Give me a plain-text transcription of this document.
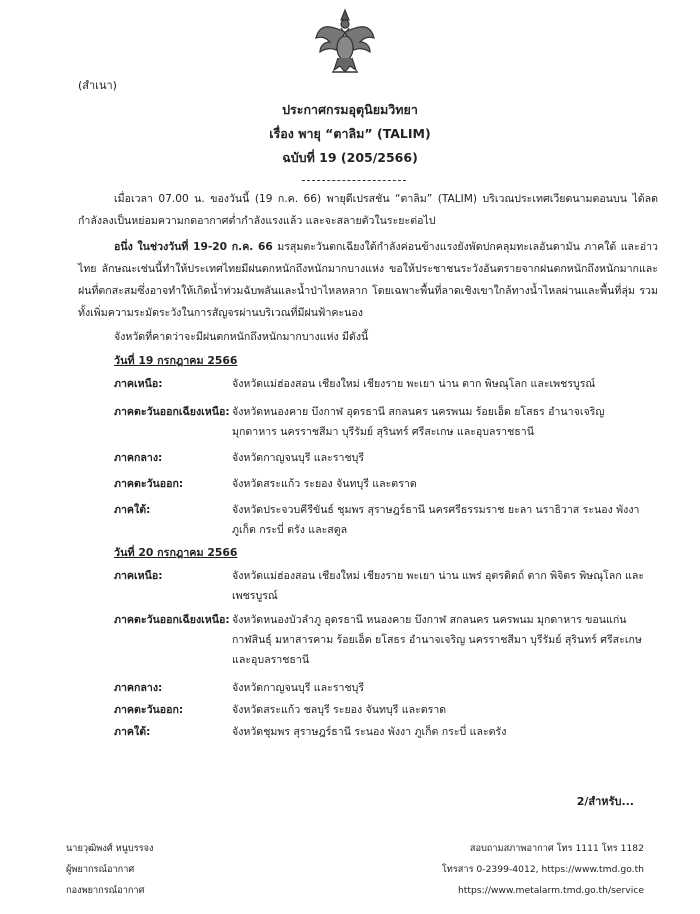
(สำเนา)
ประกาศกรมอุตุนิยมวิทยา
เรื่อง พายุ “ตาลิม” (TALIM)
ฉบับที่ 19 (205/2566)
เมื่อเวลา 07.00 น. ของวันนี้ (19 ก.ค. 66) พายุดีเปรสชัน “ตาลิม” (TALIM) บริเวณประเทศเวียดนามตอนบน ได้ลดกำลังลงเป็นหย่อมความกดอากาศต่ำกำลังแรงแล้ว และจะสลายตัวในระยะต่อไป
อนึ่ง ในช่วงวันที่ 19-20 ก.ค. 66 มรสุมตะวันตกเฉียงใต้กำลังค่อนข้างแรงยังพัดปกคลุมทะเลอันดามัน ภาคใต้ และอ่าวไทย ลักษณะเช่นนี้ทำให้ประเทศไทยมีฝนตกหนักถึงหนักมากบางแห่ง ขอให้ประชาชนระวังอันตรายจากฝนตกหนักถึงหนักมากและฝนที่ตกสะสมซึ่งอาจทำให้เกิดน้ำท่วมฉับพลันและน้ำป่าไหลหลาก โดยเฉพาะพื้นที่ลาดเชิงเขาใกล้ทางน้ำไหลผ่านและพื้นที่ลุ่ม รวมทั้งเพิ่มความระมัดระวังในการสัญจรผ่านบริเวณที่มีฝนฟ้าคะนอง
จังหวัดที่คาดว่าจะมีฝนตกหนักถึงหนักมากบางแห่ง มีดังนี้
วันที่ 19 กรกฎาคม 2566
ภาคเหนือ:	จังหวัดแม่ฮ่องสอน เชียงใหม่ เชียงราย พะเยา น่าน ตาก พิษณุโลก และเพชรบูรณ์
ภาคตะวันออกเฉียงเหนือ: จังหวัดหนองคาย บึงกาฬ อุดรธานี สกลนคร นครพนม ร้อยเอ็ด ยโสธร อำนาจเจริญ มุกดาหาร นครราชสีมา บุรีรัมย์ สุรินทร์ ศรีสะเกษ และอุบลราชธานี
ภาคกลาง:	จังหวัดกาญจนบุรี และราชบุรี
ภาคตะวันออก:	จังหวัดสระแก้ว ระยอง จันทบุรี และตราด
ภาคใต้:	จังหวัดประจวบคีรีขันธ์ ชุมพร สุราษฎร์ธานี นครศรีธรรมราช ยะลา นราธิวาส ระนอง พังงา ภูเก็ต กระบี่ ตรัง และสตูล
วันที่ 20 กรกฎาคม 2566
ภาคเหนือ:	จังหวัดแม่ฮ่องสอน เชียงใหม่ เชียงราย พะเยา น่าน แพร่ อุตรดิตถ์ ตาก พิจิตร พิษณุโลก และเพชรบูรณ์
ภาคตะวันออกเฉียงเหนือ: จังหวัดหนองบัวลำภู อุดรธานี หนองคาย บึงกาฬ สกลนคร นครพนม มุกดาหาร ขอนแก่น กาฬสินธุ์ มหาสารคาม ร้อยเอ็ด ยโสธร อำนาจเจริญ นครราชสีมา บุรีรัมย์ สุรินทร์ ศรีสะเกษ และอุบลราชธานี
ภาคกลาง:	จังหวัดกาญจนบุรี และราชบุรี
ภาคตะวันออก:	จังหวัดสระแก้ว ชลบุรี ระยอง จันทบุรี และตราด
ภาคใต้:	จังหวัดชุมพร สุราษฎร์ธานี ระนอง พังงา ภูเก็ต กระบี่ และตรัง
2/สำหรับ...
นายวุฒิพงศ์ หนูบรรจง
ผู้พยากรณ์อากาศ
กองพยากรณ์อากาศ
สอบถามสภาพอากาศ โทร 1111 โทร 1182
โทรสาร 0-2399-4012, https://www.tmd.go.th
https://www.metalarm.tmd.go.th/service
